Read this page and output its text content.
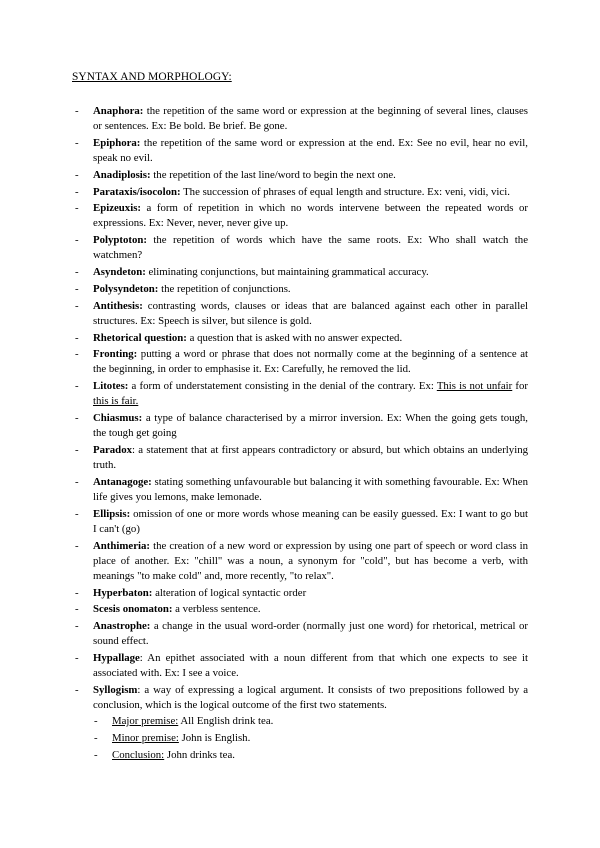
SYNTAX AND MORPHOLOGY:
- Anaphora: the repetition of the same word or expression at the beginning of several lines, clauses or sentences. Ex: Be bold. Be brief. Be gone.
- Epiphora: the repetition of the same word or expression at the end. Ex: See no evil, hear no evil, speak no evil.
- Anadiplosis: the repetition of the last line/word to begin the next one.
- Parataxis/isocolon: The succession of phrases of equal length and structure. Ex: veni, vidi, vici.
- Epizeuxis: a form of repetition in which no words intervene between the repeated words or expressions. Ex: Never, never, never give up.
- Polyptoton: the repetition of words which have the same roots. Ex: Who shall watch the watchmen?
- Asyndeton: eliminating conjunctions, but maintaining grammatical accuracy.
- Polysyndeton: the repetition of conjunctions.
- Antithesis: contrasting words, clauses or ideas that are balanced against each other in parallel structures. Ex: Speech is silver, but silence is gold.
- Rhetorical question: a question that is asked with no answer expected.
- Fronting: putting a word or phrase that does not normally come at the beginning of a sentence at the beginning, in order to emphasise it. Ex: Carefully, he removed the lid.
- Litotes: a form of understatement consisting in the denial of the contrary. Ex: This is not unfair for this is fair.
- Chiasmus: a type of balance characterised by a mirror inversion. Ex: When the going gets tough, the tough get going
- Paradox: a statement that at first appears contradictory or absurd, but which obtains an underlying truth.
- Antanagoge: stating something unfavourable but balancing it with something favourable. Ex: When life gives you lemons, make lemonade.
- Ellipsis: omission of one or more words whose meaning can be easily guessed. Ex: I want to go but I can't (go)
- Anthimeria: the creation of a new word or expression by using one part of speech or word class in place of another. Ex: "chill" was a noun, a synonym for "cold", but has become a verb, with meanings "to make cold" and, more recently, "to relax".
- Hyperbaton: alteration of logical syntactic order
- Scesis onomaton: a verbless sentence.
- Anastrophe: a change in the usual word-order (normally just one word) for rhetorical, metrical or sound effect.
- Hypallage: An epithet associated with a noun different from that which one expects to see it associated with. Ex: I see a voice.
- Syllogism: a way of expressing a logical argument. It consists of two prepositions followed by a conclusion, which is the logical outcome of the first two statements.
- Major premise: All English drink tea.
- Minor premise: John is English.
- Conclusion: John drinks tea.
